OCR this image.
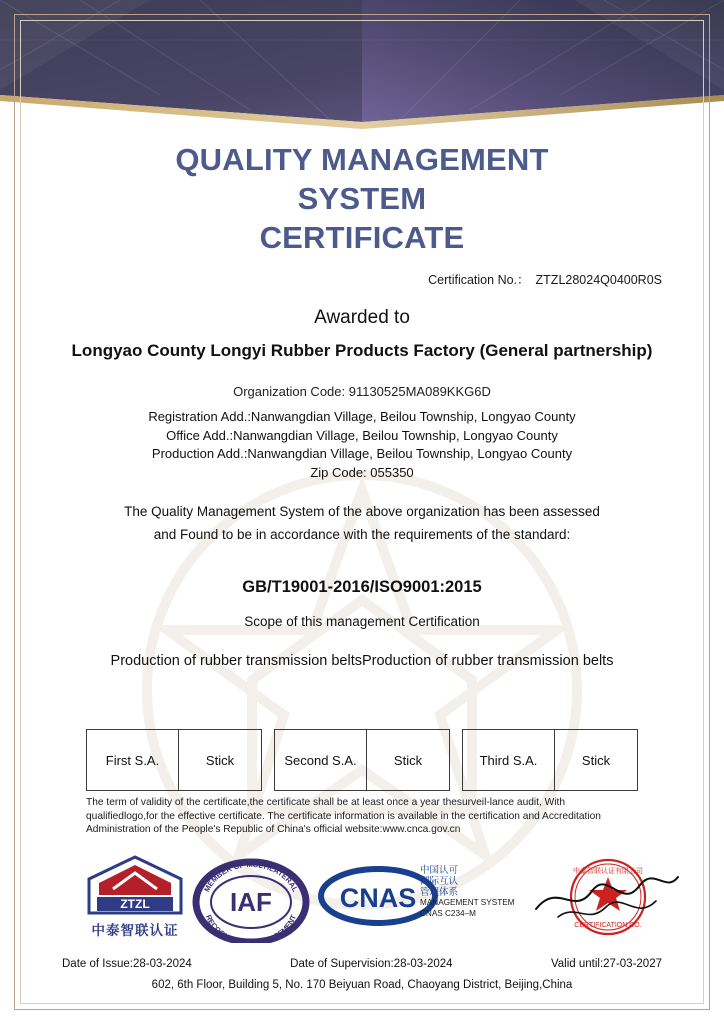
QUALITY MANAGEMENT
SYSTEM
CERTIFICATE
Certification No.： ZTZL28024Q0400R0S
Awarded to
Longyao County Longyi Rubber Products Factory (General partnership)
Organization Code: 91130525MA089KKG6D
Registration Add.:Nanwangdian Village, Beilou Township, Longyao County
Office Add.:Nanwangdian Village, Beilou Township, Longyao County
Production Add.:Nanwangdian Village, Beilou Township, Longyao County
Zip Code: 055350
The Quality Management System of the above organization has been assessed and Found to be in accordance with the requirements of the standard:
GB/T19001-2016/ISO9001:2015
Scope of this management Certification
Production of rubber transmission beltsProduction of rubber transmission belts
First S.A.	Stick	Second S.A.	Stick	Third S.A.	Stick
The term of validity of the certificate,the certificate shall be at least once a year thesurveil-lance audit, With qualifiedlogo,for the effective certificate. The certificate information is available in the certification and Accreditation Administration of the People's Republic of China's official website:www.cnca.gov.cn
ZTZL
中泰智联认证
IAF
MEMBER OF MULTILATERAL
RECOGNITION ARRANGEMENT
CNAS
中国认可
国际互认
管理体系
MANAGEMENT SYSTEM
CNAS C234–M
中泰智联认证有限公司
CERTIFICATION CO.
Date of Issue:28-03-2024	Date of Supervision:28-03-2024	Valid until:27-03-2027
602, 6th Floor, Building 5, No. 170 Beiyuan Road, Chaoyang District, Beijing,China
